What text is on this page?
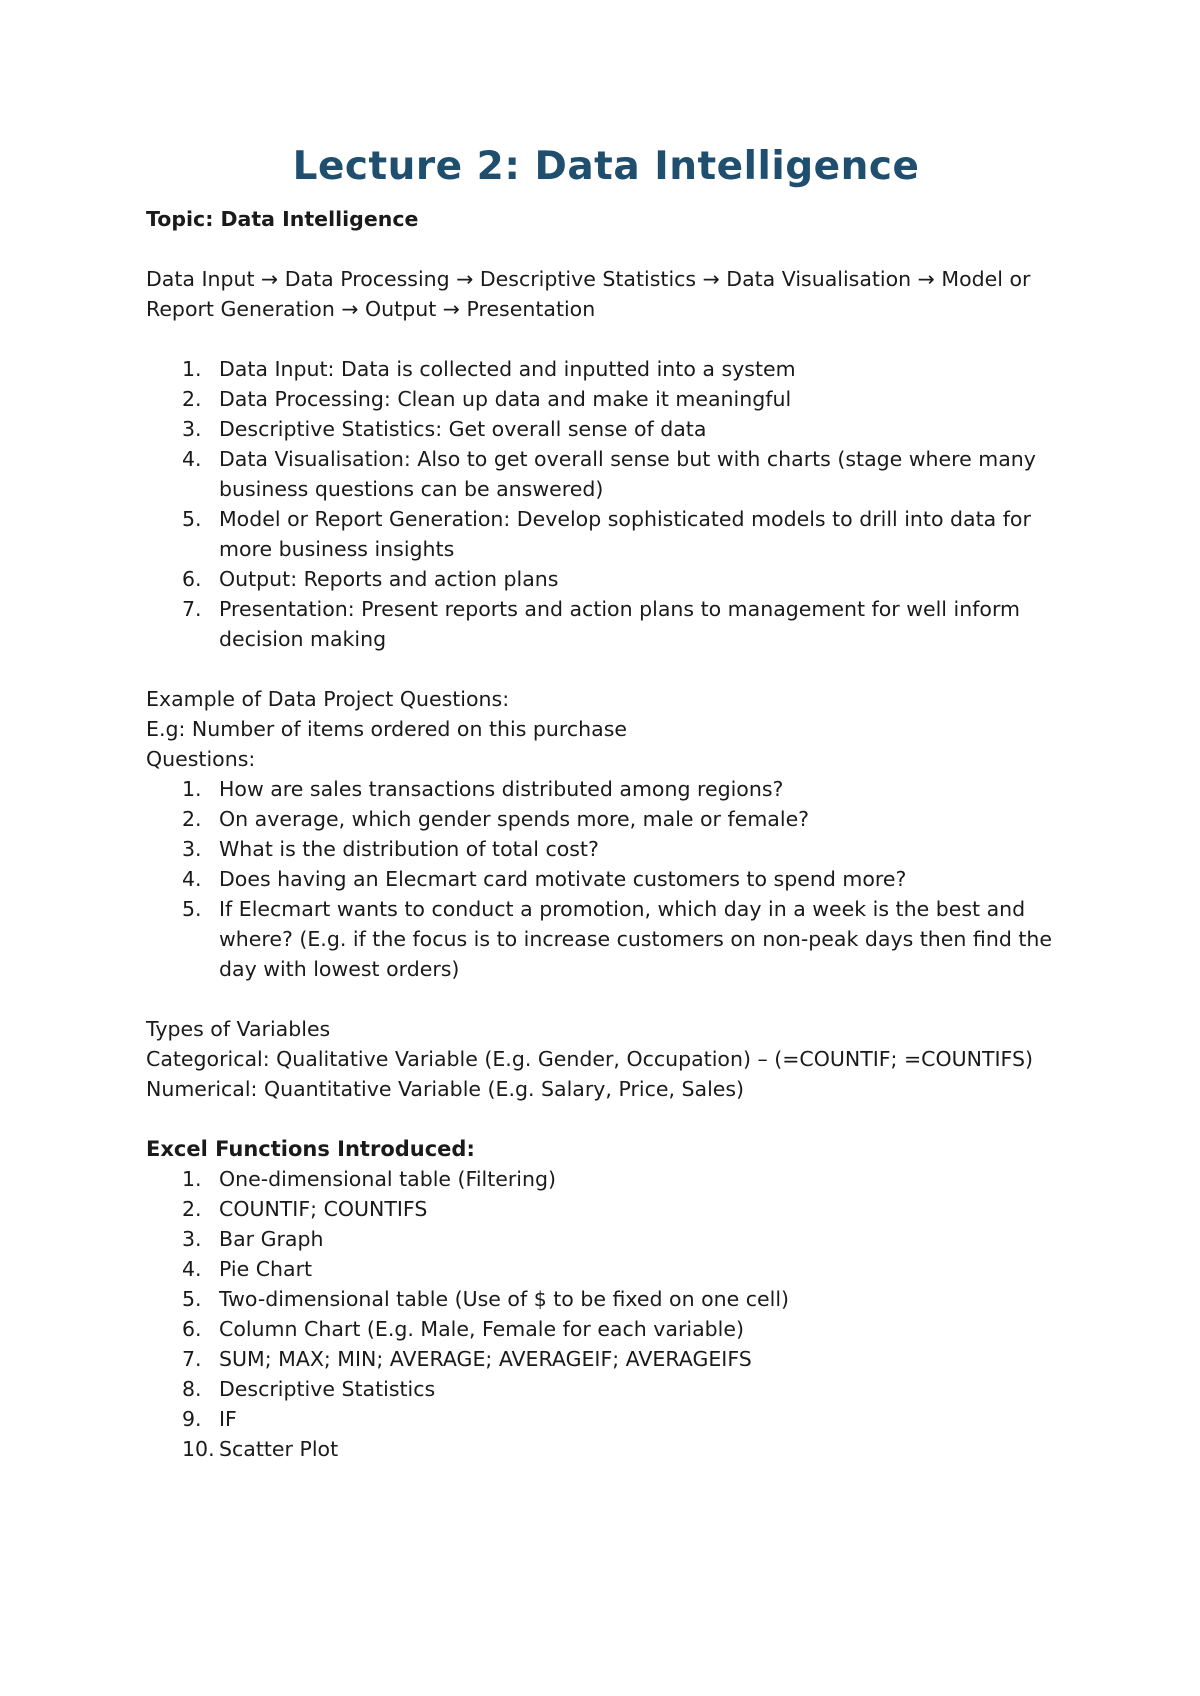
Lecture 2: Data Intelligence

Topic: Data Intelligence

Data Input → Data Processing → Descriptive Statistics → Data Visualisation → Model or Report Generation → Output → Presentation

1. Data Input: Data is collected and inputted into a system
2. Data Processing: Clean up data and make it meaningful
3. Descriptive Statistics: Get overall sense of data
4. Data Visualisation: Also to get overall sense but with charts (stage where many business questions can be answered)
5. Model or Report Generation: Develop sophisticated models to drill into data for more business insights
6. Output: Reports and action plans
7. Presentation: Present reports and action plans to management for well inform decision making

Example of Data Project Questions:

E.g: Number of items ordered on this purchase

Questions:

1. How are sales transactions distributed among regions?
2. On average, which gender spends more, male or female?
3. What is the distribution of total cost?
4. Does having an Elecmart card motivate customers to spend more?
5. If Elecmart wants to conduct a promotion, which day in a week is the best and where? (E.g. if the focus is to increase customers on non-peak days then find the day with lowest orders)

Types of Variables

Categorical: Qualitative Variable (E.g. Gender, Occupation) – (=COUNTIF; =COUNTIFS)

Numerical: Quantitative Variable (E.g. Salary, Price, Sales)

Excel Functions Introduced:

1. One-dimensional table (Filtering)
2. COUNTIF; COUNTIFS
3. Bar Graph
4. Pie Chart
5. Two-dimensional table (Use of $ to be fixed on one cell)
6. Column Chart (E.g. Male, Female for each variable)
7. SUM; MAX; MIN; AVERAGE; AVERAGEIF; AVERAGEIFS
8. Descriptive Statistics
9. IF
10. Scatter Plot
